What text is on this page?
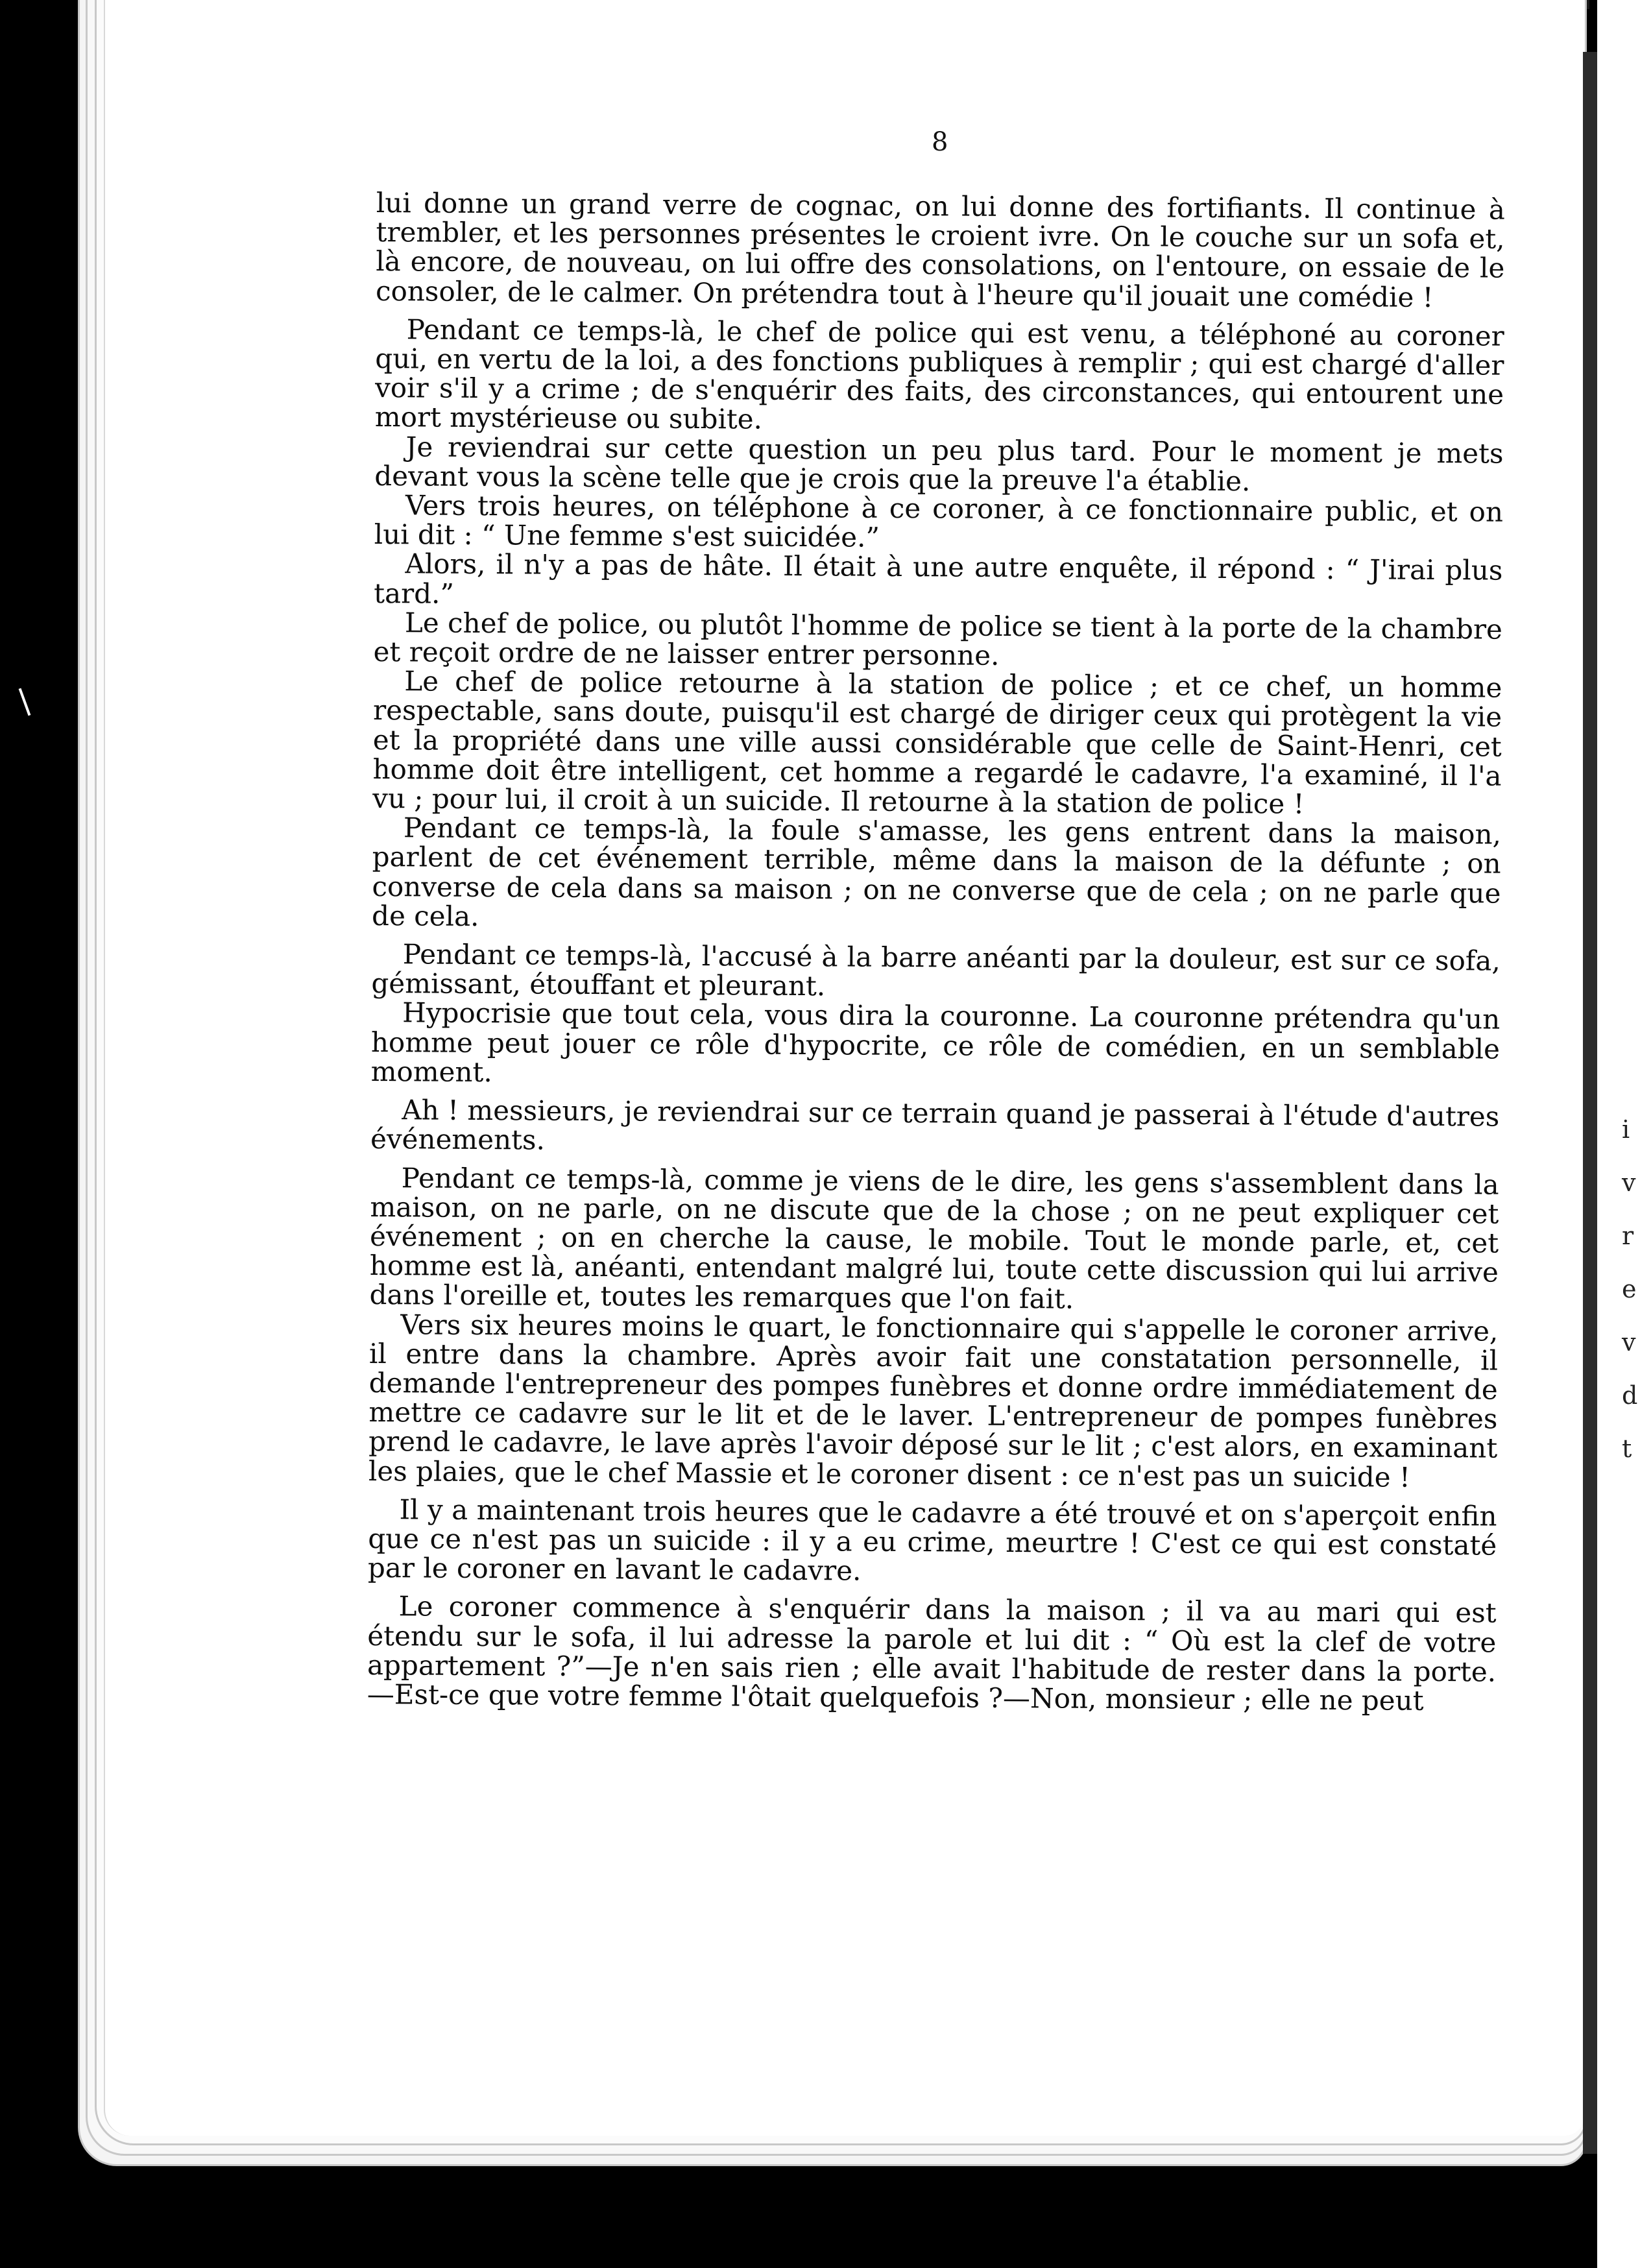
i
v
r
e
v
d
t
8

lui donne un grand verre de cognac, on lui donne des fortifiants. Il continue à trembler, et les personnes présentes le croient ivre. On le couche sur un sofa et, là encore, de nouveau, on lui offre des consolations, on l'entoure, on essaie de le consoler, de le calmer. On prétendra tout à l'heure qu'il jouait une comédie !

Pendant ce temps-là, le chef de police qui est venu, a téléphoné au coroner qui, en vertu de la loi, a des fonctions publiques à remplir ; qui est chargé d'aller voir s'il y a crime ; de s'enquérir des faits, des circonstances, qui entourent une mort mystérieuse ou subite.

Je reviendrai sur cette question un peu plus tard. Pour le moment je mets devant vous la scène telle que je crois que la preuve l'a établie.

Vers trois heures, on téléphone à ce coroner, à ce fonctionnaire public, et on lui dit : “ Une femme s'est suicidée.”

Alors, il n'y a pas de hâte. Il était à une autre enquête, il répond : “ J'irai plus tard.”

Le chef de police, ou plutôt l'homme de police se tient à la porte de la chambre et reçoit ordre de ne laisser entrer personne.

Le chef de police retourne à la station de police ; et ce chef, un homme respectable, sans doute, puisqu'il est chargé de diriger ceux qui protègent la vie et la propriété dans une ville aussi considérable que celle de Saint-Henri, cet homme doit être intelligent, cet homme a regardé le cadavre, l'a examiné, il l'a vu ; pour lui, il croit à un suicide. Il retourne à la station de police !

Pendant ce temps-là, la foule s'amasse, les gens entrent dans la maison, parlent de cet événement terrible, même dans la maison de la défunte ; on converse de cela dans sa maison ; on ne converse que de cela ; on ne parle que de cela.

Pendant ce temps-là, l'accusé à la barre anéanti par la douleur, est sur ce sofa, gémissant, étouffant et pleurant.

Hypocrisie que tout cela, vous dira la couronne. La couronne prétendra qu'un homme peut jouer ce rôle d'hypocrite, ce rôle de comédien, en un semblable moment.

Ah ! messieurs, je reviendrai sur ce terrain quand je passerai à l'étude d'autres événements.

Pendant ce temps-là, comme je viens de le dire, les gens s'assemblent dans la maison, on ne parle, on ne discute que de la chose ; on ne peut expliquer cet événement ; on en cherche la cause, le mobile. Tout le monde parle, et, cet homme est là, anéanti, entendant malgré lui, toute cette discussion qui lui arrive dans l'oreille et, toutes les remarques que l'on fait.

Vers six heures moins le quart, le fonctionnaire qui s'appelle le coroner arrive, il entre dans la chambre. Après avoir fait une constatation personnelle, il demande l'entrepreneur des pompes funèbres et donne ordre immédiatement de mettre ce cadavre sur le lit et de le laver. L'entrepreneur de pompes funèbres prend le cadavre, le lave après l'avoir déposé sur le lit ; c'est alors, en examinant les plaies, que le chef Massie et le coroner disent : ce n'est pas un suicide !

Il y a maintenant trois heures que le cadavre a été trouvé et on s'aperçoit enfin que ce n'est pas un suicide : il y a eu crime, meurtre ! C'est ce qui est constaté par le coroner en lavant le cadavre.

Le coroner commence à s'enquérir dans la maison ; il va au mari qui est étendu sur le sofa, il lui adresse la parole et lui dit : “ Où est la clef de votre appartement ?”—Je n'en sais rien ; elle avait l'habitude de rester dans la porte. —Est-ce que votre femme l'ôtait quelquefois ?—Non, monsieur ; elle ne peut
